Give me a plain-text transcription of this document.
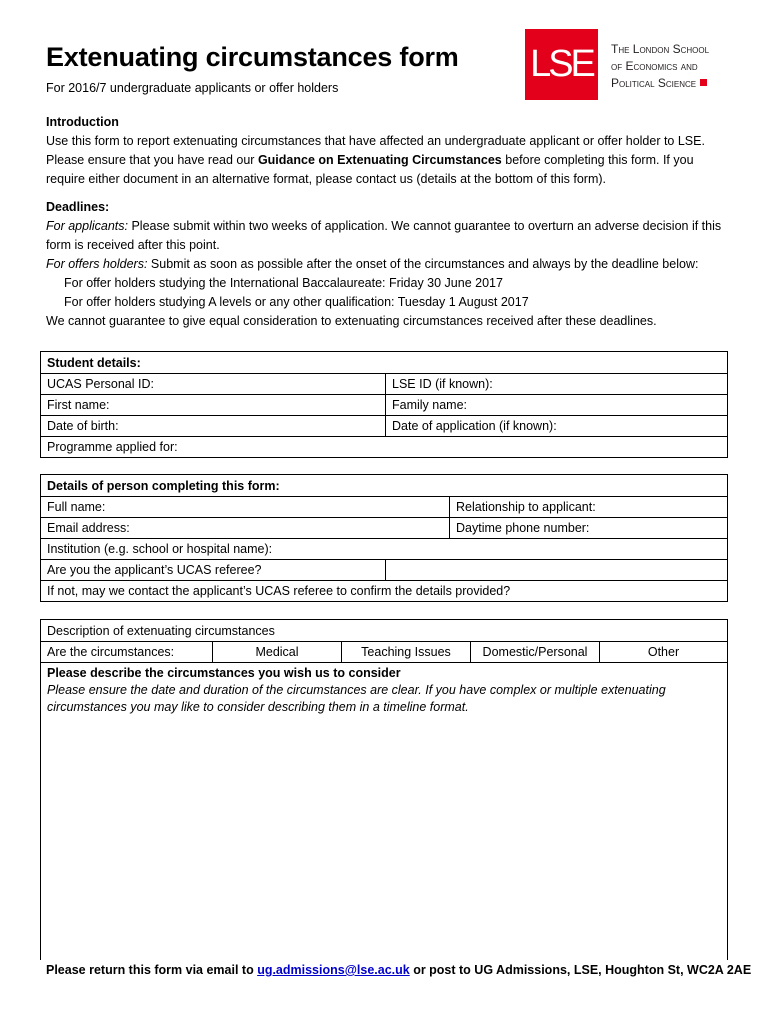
Extenuating circumstances form
For 2016/7 undergraduate applicants or offer holders
LSE	The London School
of Economics and
Political Science
Introduction
Use this form to report extenuating circumstances that have affected an undergraduate applicant or offer holder to LSE. Please ensure that you have read our Guidance on Extenuating Circumstances before completing this form. If you require either document in an alternative format, please contact us (details at the bottom of this form).
Deadlines:
For applicants: Please submit within two weeks of application. We cannot guarantee to overturn an adverse decision if this form is received after this point.
For offers holders: Submit as soon as possible after the onset of the circumstances and always by the deadline below:
For offer holders studying the International Baccalaureate: Friday 30 June 2017
For offer holders studying A levels or any other qualification: Tuesday 1 August 2017
We cannot guarantee to give equal consideration to extenuating circumstances received after these deadlines.
Student details:
UCAS Personal ID:	LSE ID (if known):
First name:	Family name:
Date of birth:	Date of application (if known):
Programme applied for:
Details of person completing this form:
Full name:	Relationship to applicant:
Email address:	Daytime phone number:
Institution (e.g. school or hospital name):
Are you the applicant’s UCAS referee?
If not, may we contact the applicant’s UCAS referee to confirm the details provided?
Description of extenuating circumstances
Are the circumstances:	Medical	Teaching Issues	Domestic/Personal	Other
Please describe the circumstances you wish us to consider
Please ensure the date and duration of the circumstances are clear. If you have complex or multiple extenuating circumstances you may like to consider describing them in a timeline format.
Please return this form via email to ug.admissions@lse.ac.uk or post to UG Admissions, LSE, Houghton St, WC2A 2AE
